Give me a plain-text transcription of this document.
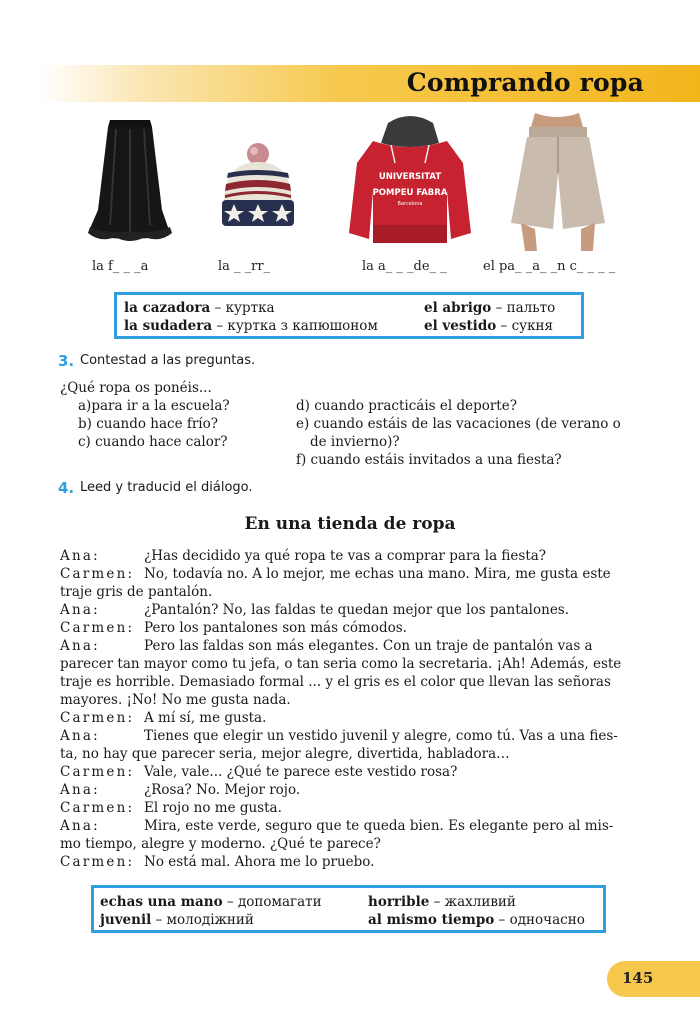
Comprando ropa
UNIVERSITAT
POMPEU FABRA
Barcelona
la f_ _ _a	la _ _rr_	la a_ _ _de_ _	el pa_ _a_ _n c_ _ _ _
la cazadora – куртка	el abrigo – пальто
la sudadera – куртка з капюшоном	el vestido – сукня
3. Contestad a las preguntas.
¿Qué ropa os ponéis...
a)para ir a la escuela?
b) cuando hace frío?
c) cuando hace calor?
d) cuando practicáis el deporte?
e) cuando estáis de las vacaciones (de verano o
de invierno)?
f) cuando estáis invitados a una fiesta?
4. Leed y traducid el diálogo.
En una tienda de ropa
Ana:	¿Has decidido ya qué ropa te vas a comprar para la fiesta?
Carmen: No, todavía no. A lo mejor, me echas una mano. Mira, me gusta este
traje gris de pantalón.
Ana:	¿Pantalón? No, las faldas te quedan mejor que los pantalones.
Carmen: Pero los pantalones son más cómodos.
Ana:	Pero las faldas son más elegantes. Con un traje de pantalón vas a
parecer tan mayor como tu jefa, o tan seria como la secretaria. ¡Ah! Además, este
traje es horrible. Demasiado formal ... y el gris es el color que llevan las señoras
mayores. ¡No! No me gusta nada.
Carmen: A mí sí, me gusta.
Ana:	Tienes que elegir un vestido juvenil y alegre, como tú. Vas a una fies-
ta, no hay que parecer seria, mejor alegre, divertida, habladora…
Carmen: Vale, vale... ¿Qué te parece este vestido rosa?
Ana:	¿Rosa? No. Mejor rojo.
Carmen: El rojo no me gusta.
Ana:	Mira, este verde, seguro que te queda bien. Es elegante pero al mis-
mo tiempo, alegre y moderno. ¿Qué te parece?
Carmen: No está mal. Ahora me lo pruebo.
echas una mano – допомагати	horrible – жахливий
juvenil – молодіжний	al mismo tiempo – одночасно
145
